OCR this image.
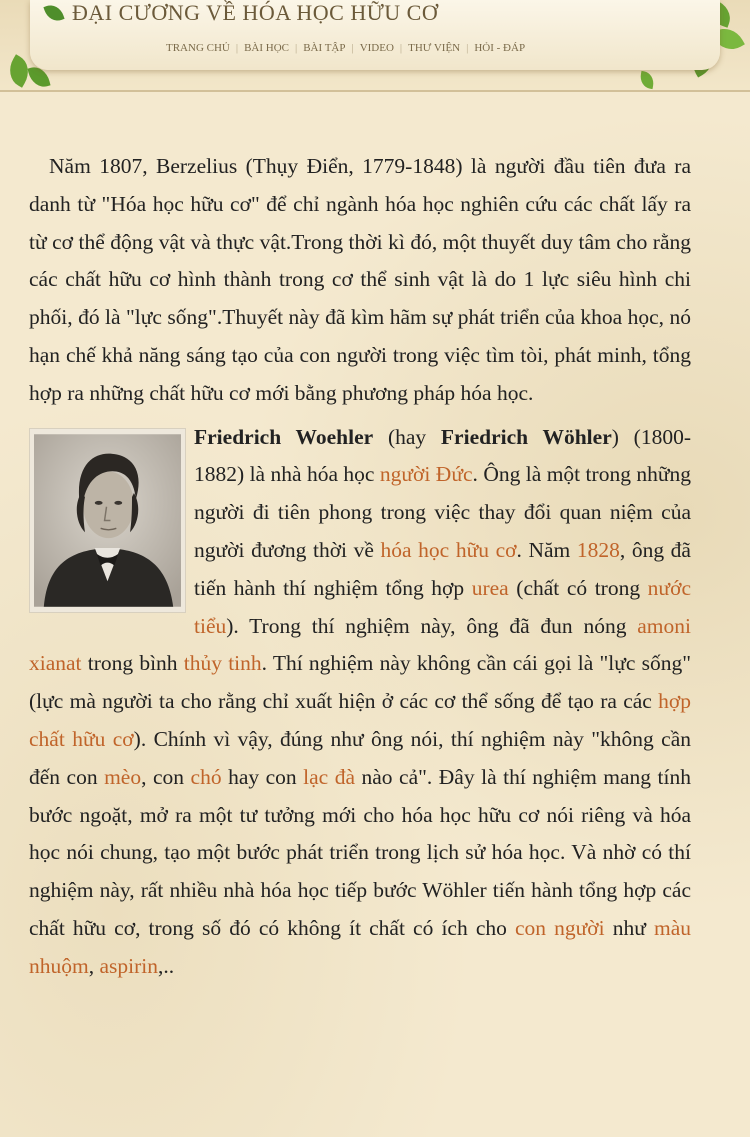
ĐẠI CƯƠNG VỀ HÓA HỌC HỮU CƠ
TRANG CHỦ | BÀI HỌC | BÀI TẬP | VIDEO | THƯ VIỆN | HỎI - ĐÁP

Năm 1807, Berzelius (Thụy Điển, 1779-1848) là người đầu tiên đưa ra danh từ "Hóa học hữu cơ" để chỉ ngành hóa học nghiên cứu các chất lấy ra từ cơ thể động vật và thực vật.Trong thời kì đó, một thuyết duy tâm cho rằng các chất hữu cơ hình thành trong cơ thể sinh vật là do 1 lực siêu hình chi phối, đó là "lực sống".Thuyết này đã kìm hãm sự phát triển của khoa học, nó hạn chế khả năng sáng tạo của con người trong việc tìm tòi, phát minh, tổng hợp ra những chất hữu cơ mới bằng phương pháp hóa học.

Friedrich Woehler (hay Friedrich Wöhler) (1800-1882) là nhà hóa học người Đức. Ông là một trong những người đi tiên phong trong việc thay đổi quan niệm của người đương thời về hóa học hữu cơ. Năm 1828, ông đã tiến hành thí nghiệm tổng hợp urea (chất có trong nước tiểu). Trong thí nghiệm này, ông đã đun nóng amoni xianat trong bình thủy tinh. Thí nghiệm này không cần cái gọi là "lực sống" (lực mà người ta cho rằng chỉ xuất hiện ở các cơ thể sống để tạo ra các hợp chất hữu cơ). Chính vì vậy, đúng như ông nói, thí nghiệm này "không cần đến con mèo, con chó hay con lạc đà nào cả". Đây là thí nghiệm mang tính bước ngoặt, mở ra một tư tưởng mới cho hóa học hữu cơ nói riêng và hóa học nói chung, tạo một bước phát triển trong lịch sử hóa học. Và nhờ có thí nghiệm này, rất nhiều nhà hóa học tiếp bước Wöhler tiến hành tổng hợp các chất hữu cơ, trong số đó có không ít chất có ích cho con người như màu nhuộm, aspirin,..
